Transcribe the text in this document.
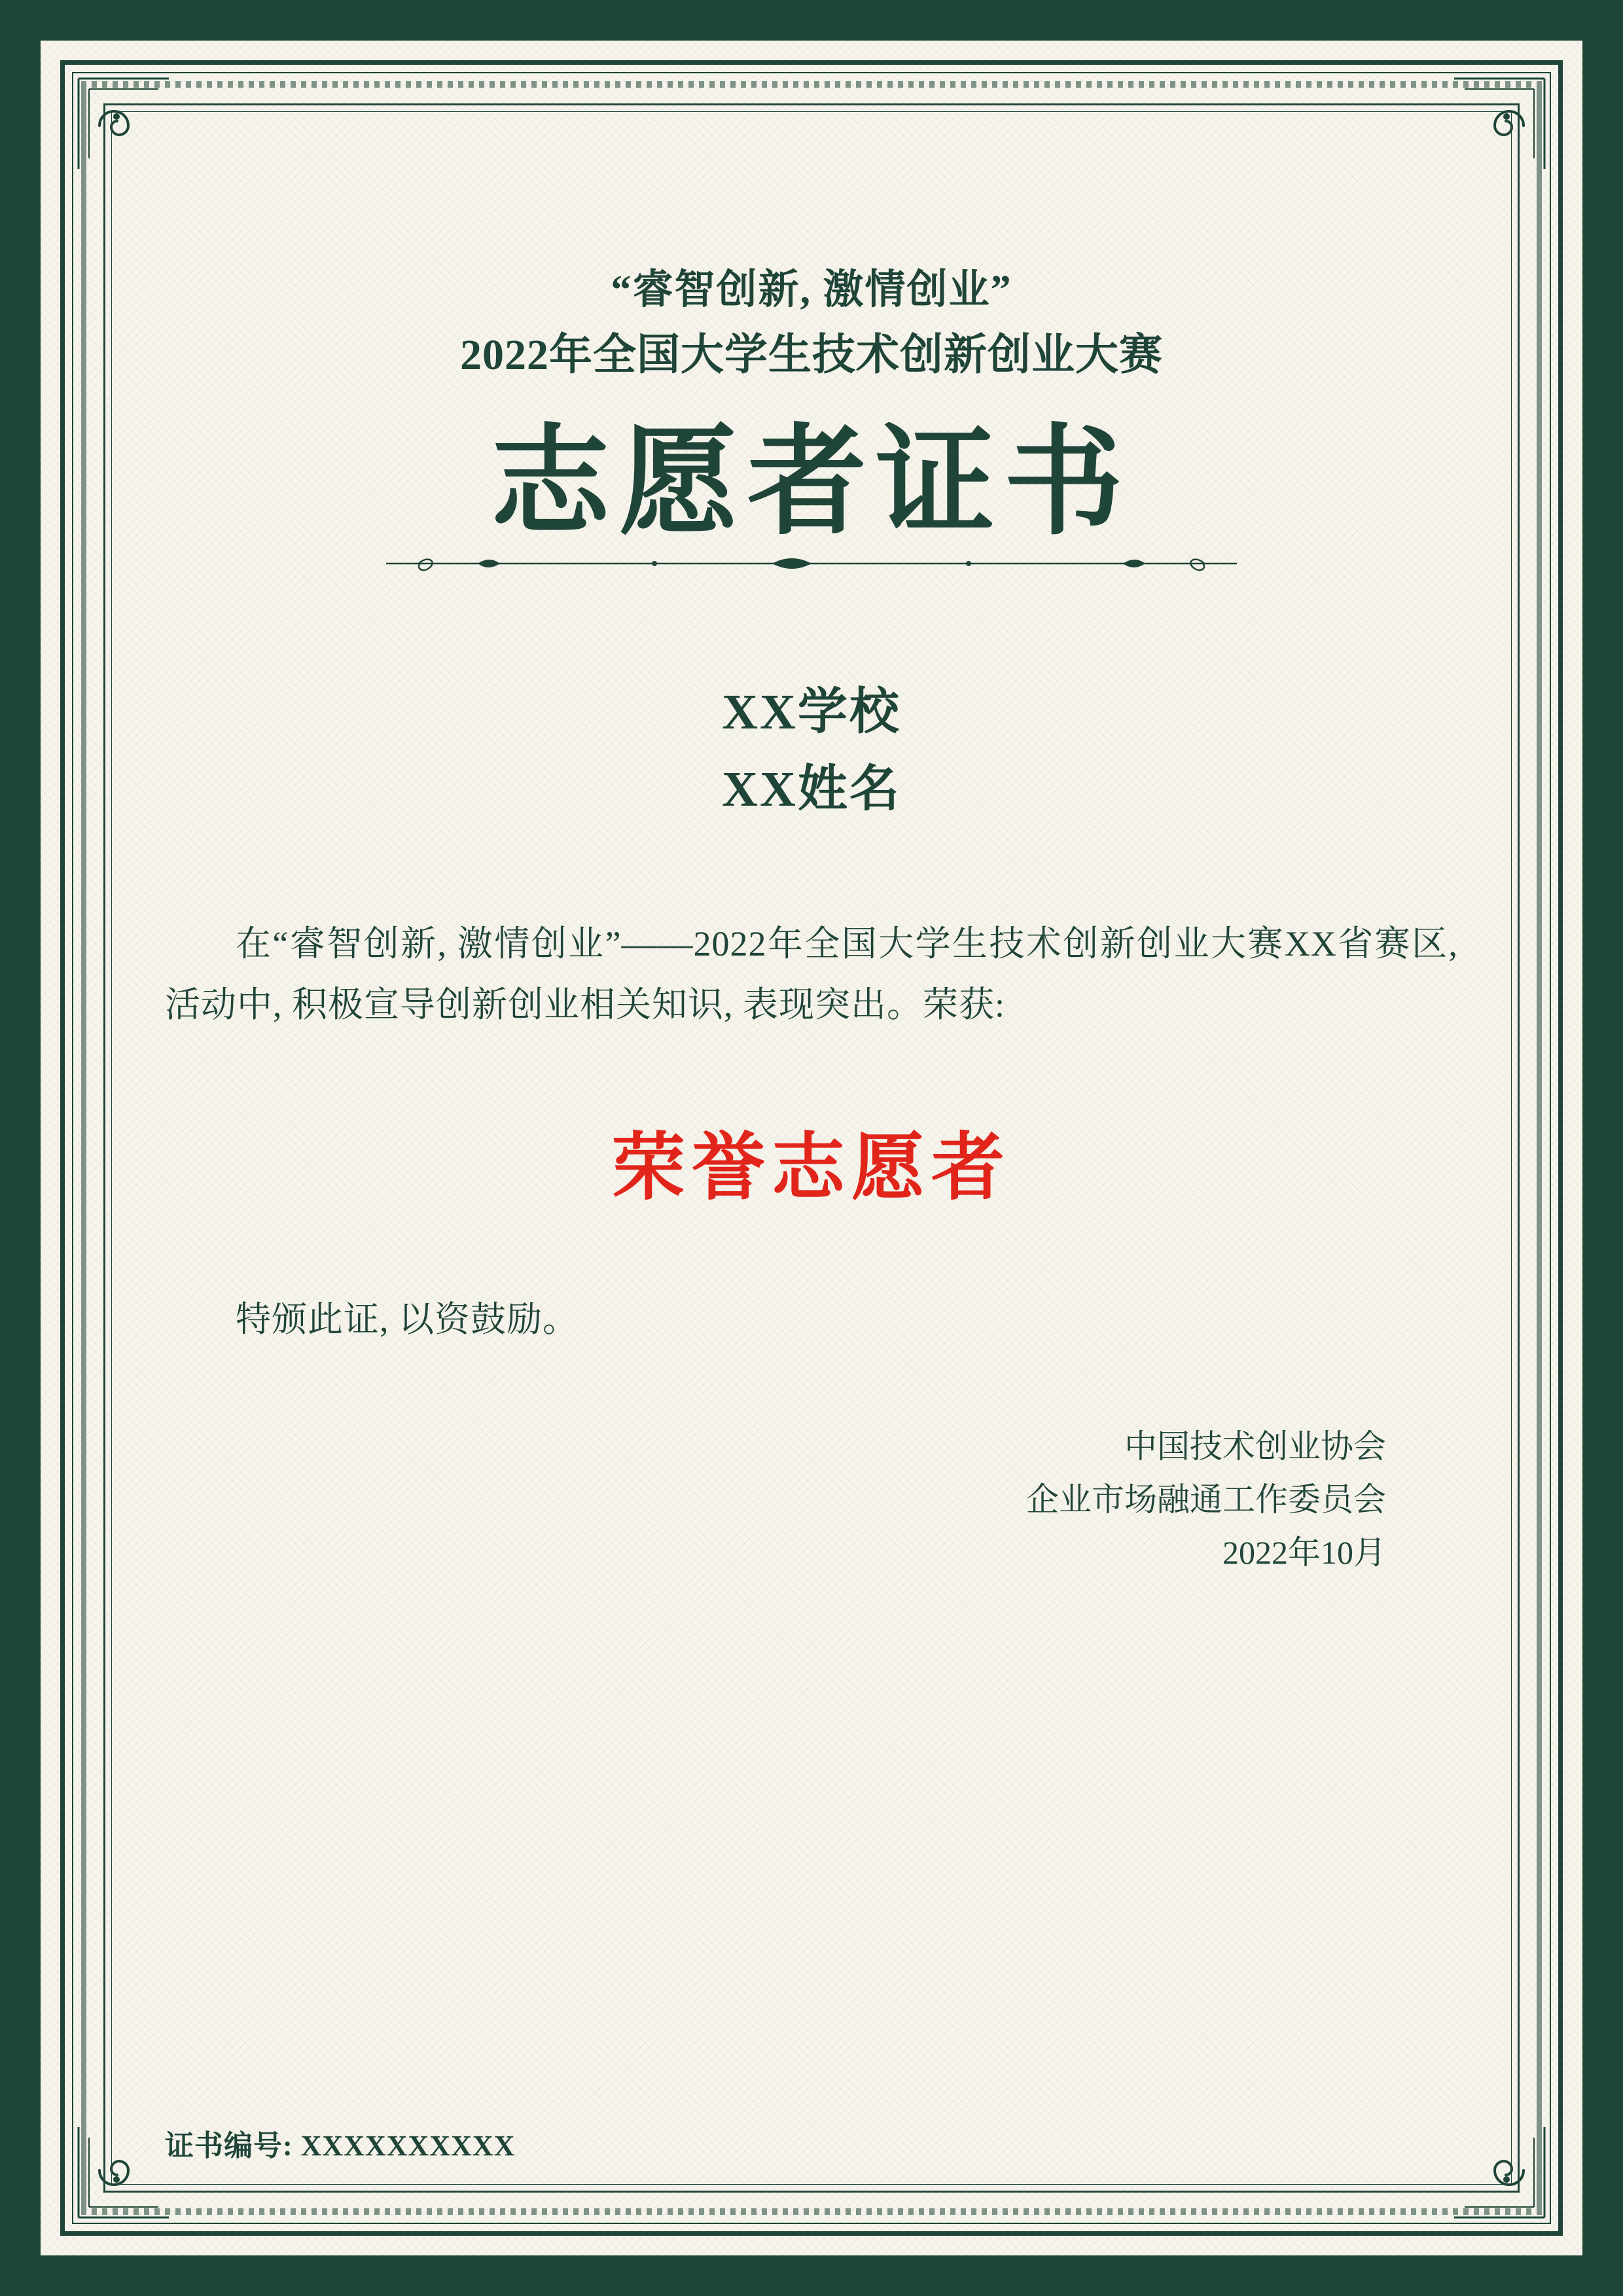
“睿智创新, 激情创业”
2022年全国大学生技术创新创业大赛
志愿者证书
XX学校
XX姓名
在“睿智创新, 激情创业”——2022年全国大学生技术创新创业大赛XX省赛区, 活动中, 积极宣导创新创业相关知识, 表现突出。荣获:
荣誉志愿者
特颁此证, 以资鼓励。
中国技术创业协会
企业市场融通工作委员会
2022年10月
证书编号: XXXXXXXXXX
